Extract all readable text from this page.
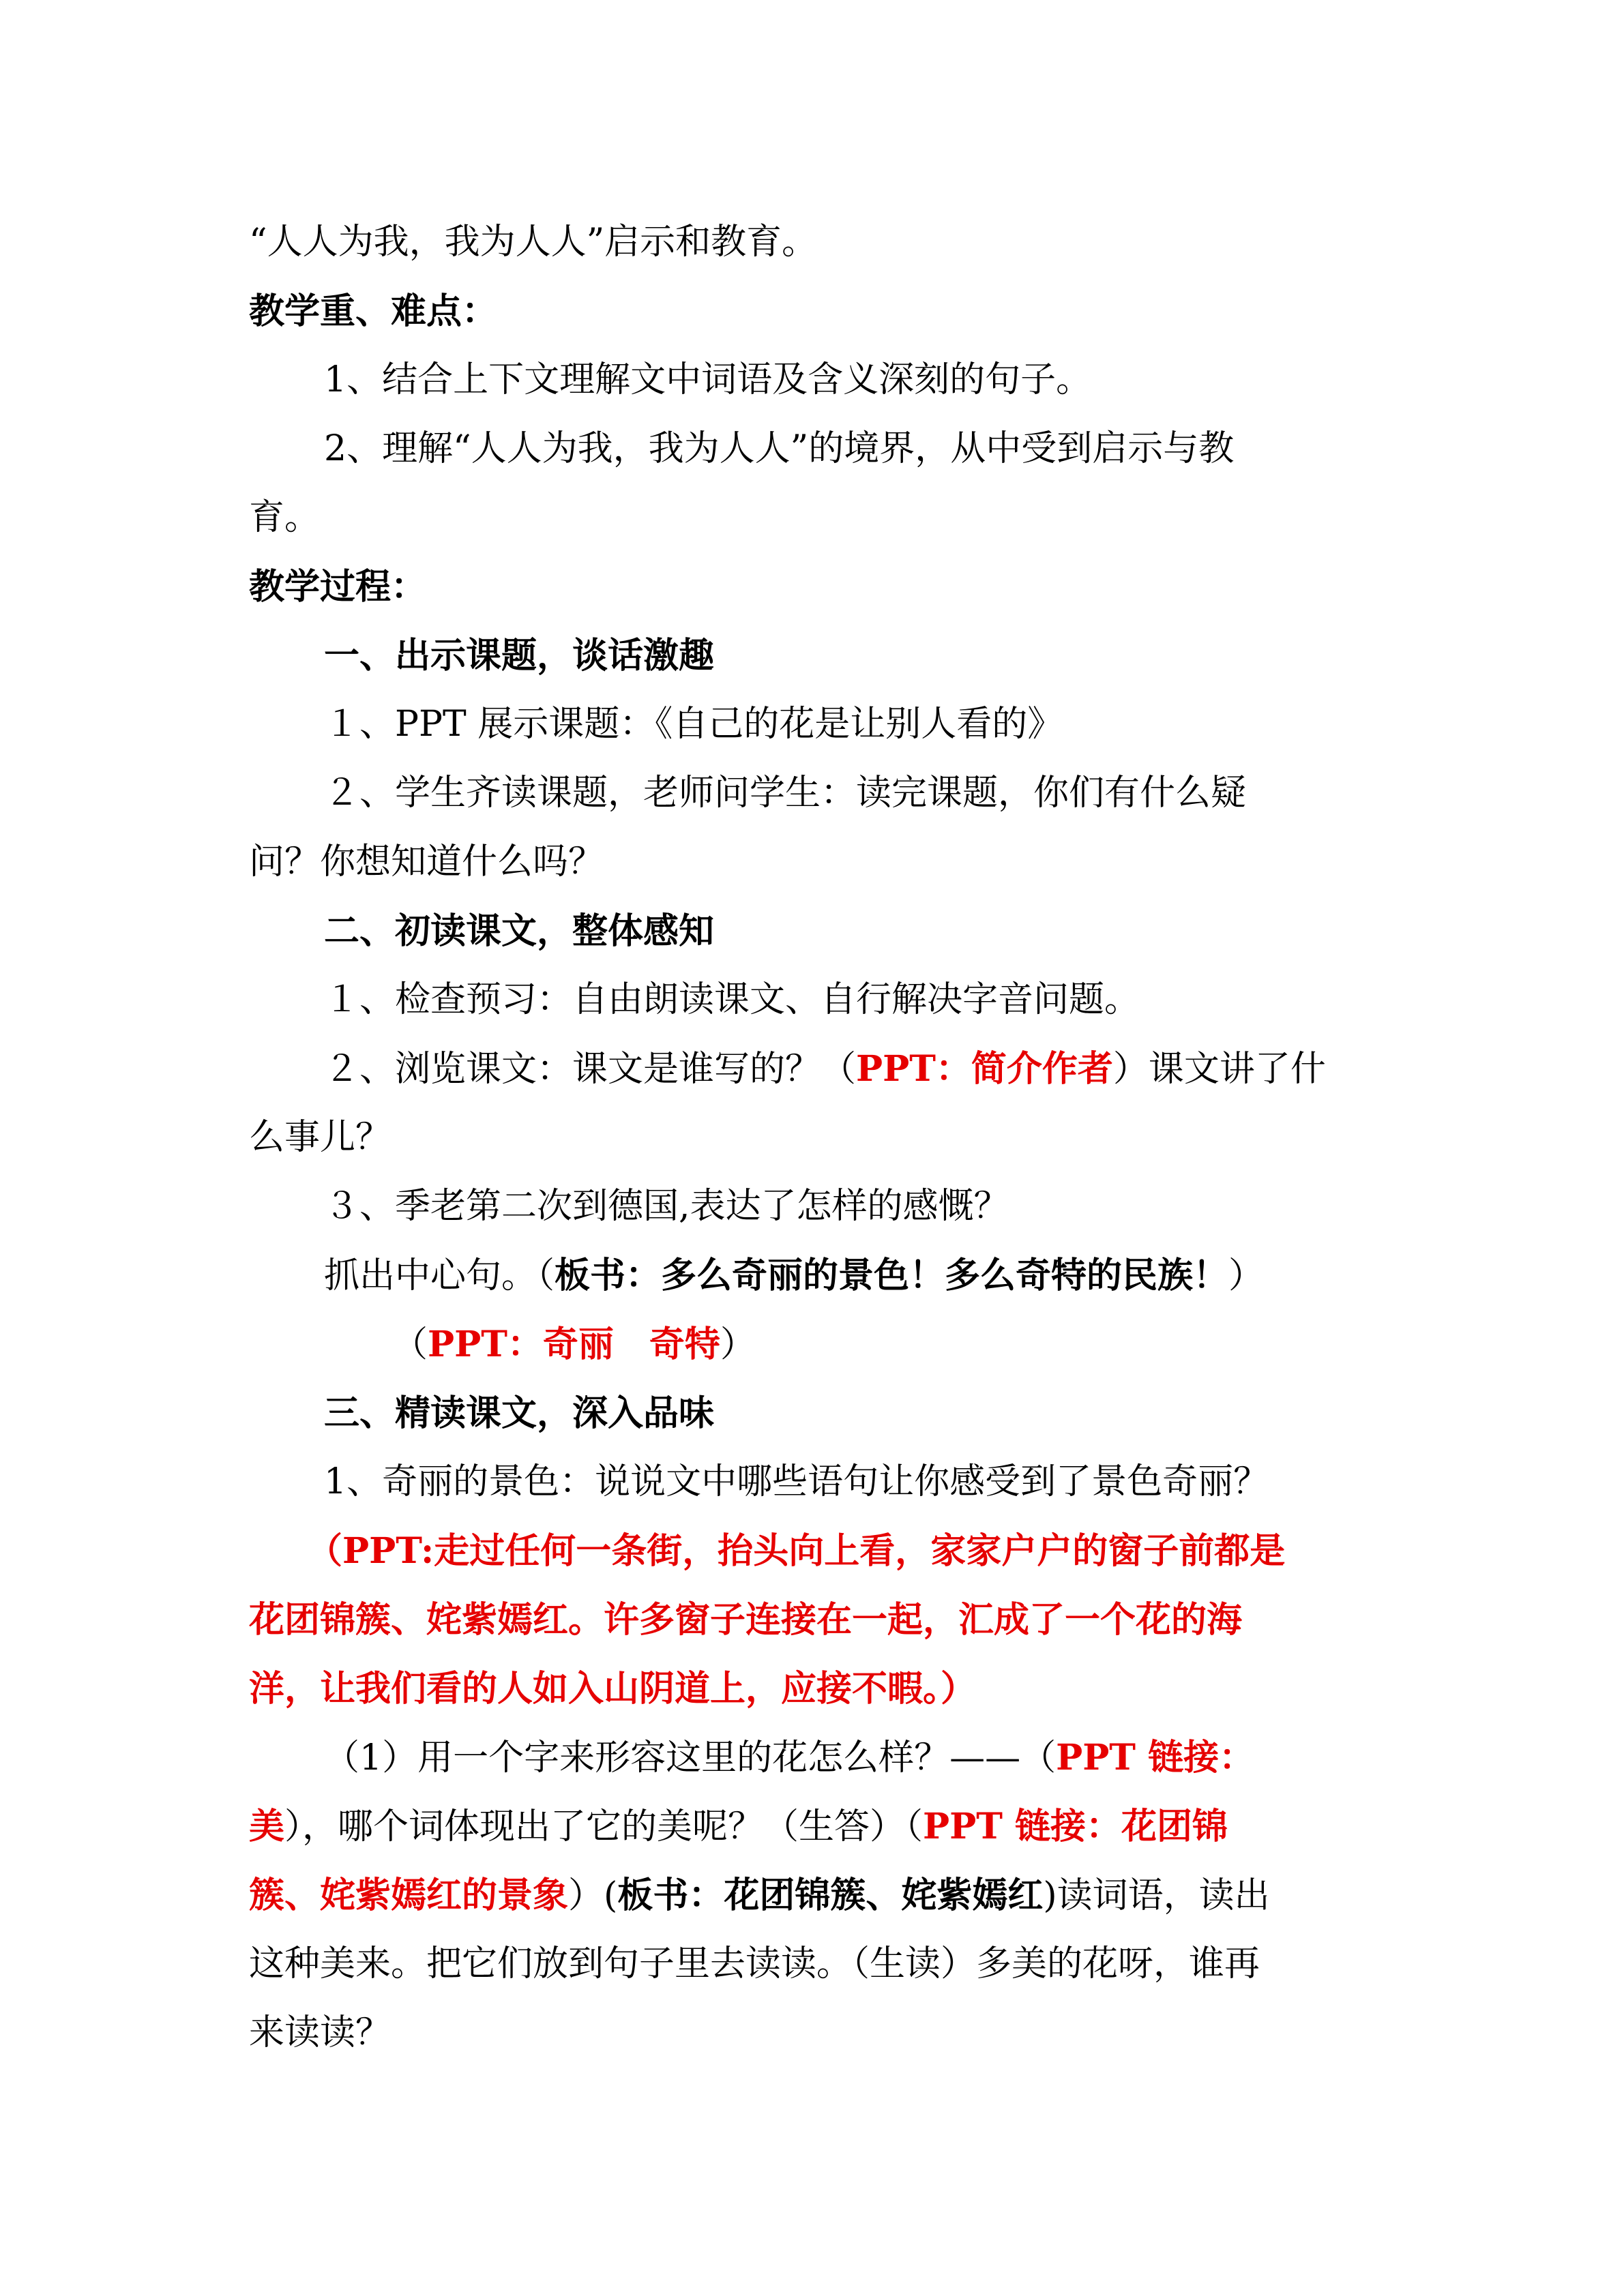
“人人为我，我为人人”启示和教育。
教学重、难点：
1、结合上下文理解文中词语及含义深刻的句子。
2、理解“人人为我，我为人人”的境界，从中受到启示与教
育。
教学过程：
一、出示课题，谈话激趣
１、PPT 展示课题：《自己的花是让别人看的》
２、学生齐读课题，老师问学生：读完课题，你们有什么疑
问？你想知道什么吗？
二、初读课文，整体感知
１、检查预习：自由朗读课文、自行解决字音问题。
２、浏览课文：课文是谁写的？（PPT：简介作者）课文讲了什
么事儿？
３、季老第二次到德国,表达了怎样的感慨？
抓出中心句。（板书：多么奇丽的景色！多么奇特的民族！）
（PPT：奇丽　奇特）
三、精读课文，深入品味
1、奇丽的景色：说说文中哪些语句让你感受到了景色奇丽？
（PPT:走过任何一条街，抬头向上看，家家户户的窗子前都是
花团锦簇、姹紫嫣红。许多窗子连接在一起，汇成了一个花的海
洋，让我们看的人如入山阴道上，应接不暇。）
（1）用一个字来形容这里的花怎么样？——（PPT 链接：
美），哪个词体现出了它的美呢？（生答）（PPT 链接：花团锦
簇、姹紫嫣红的景象）(板书：花团锦簇、姹紫嫣红)读词语，读出
这种美来。把它们放到句子里去读读。（生读）多美的花呀，谁再
来读读？
